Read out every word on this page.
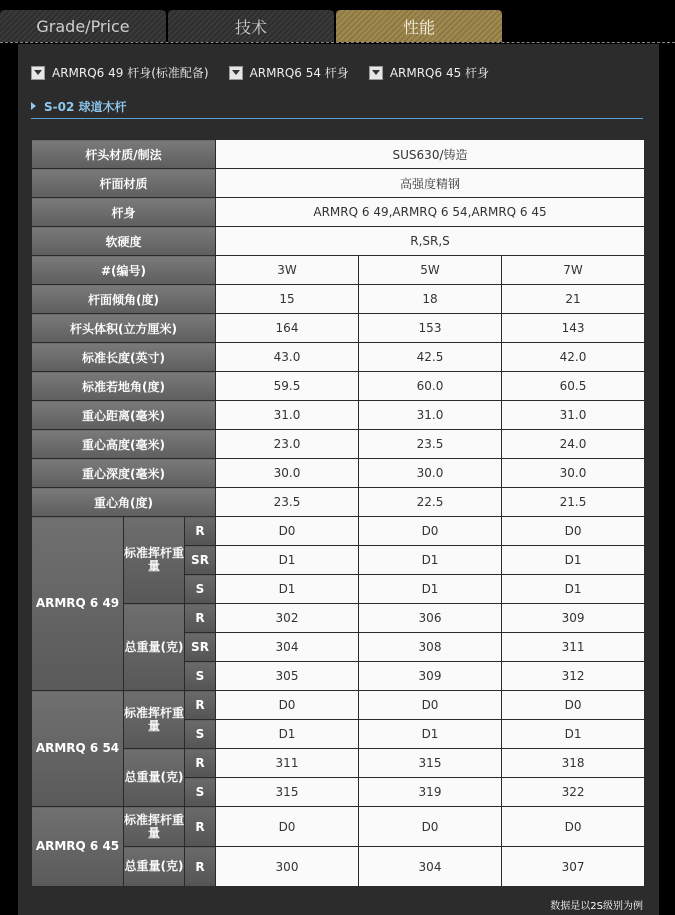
Grade/Price	技术	性能
ARMRQ6 49 杆身(标准配备)	ARMRQ6 54 杆身	ARMRQ6 45 杆身
S-02 球道木杆
杆头材质/制法			SUS630/铸造		
杆面材质			高强度精钢		
杆身			ARMRQ 6 49,ARMRQ 6 54,ARMRQ 6 45		
软硬度			R,SR,S		
#(编号)			3W	5W	7W
杆面倾角(度)			15	18	21
杆头体积(立方厘米)			164	153	143
标准长度(英寸)			43.0	42.5	42.0
标准若地角(度)			59.5	60.0	60.5
重心距离(毫米)			31.0	31.0	31.0
重心高度(毫米)			23.0	23.5	24.0
重心深度(毫米)			30.0	30.0	30.0
重心角(度)			23.5	22.5	21.5
ARMRQ 6 49	标准挥杆重量	R	D0	D0	D0
		SR	D1	D1	D1
		S	D1	D1	D1
	总重量(克)	R	302	306	309
		SR	304	308	311
		S	305	309	312
ARMRQ 6 54	标准挥杆重量	R	D0	D0	D0
		S	D1	D1	D1
	总重量(克)	R	311	315	318
		S	315	319	322
ARMRQ 6 45	标准挥杆重量	R	D0	D0	D0
	总重量(克)	R	300	304	307
数据是以2S级别为例
